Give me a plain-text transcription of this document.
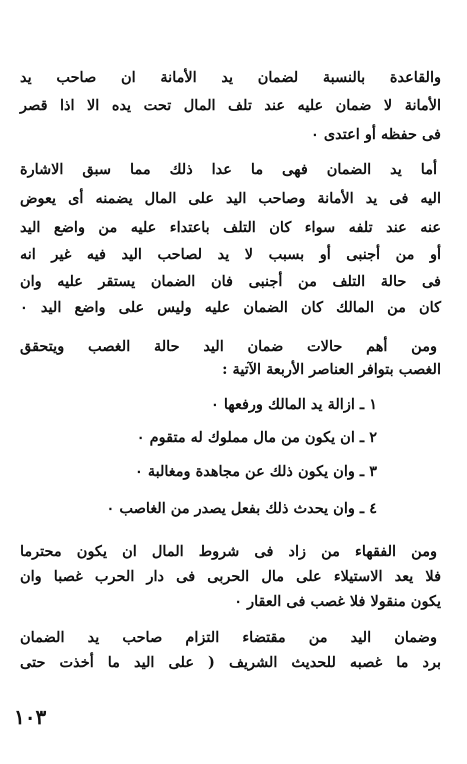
والقاعدة بالنسبة لضمان يد الأمانة ان صاحب يد
الأمانة لا ضمان عليه عند تلف المال تحت يده الا اذا قصر
فى حفظه أو اعتدى ٠
أما يد الضمان فهى ما عدا ذلك مما سبق الاشارة
اليه فى يد الأمانة وصاحب اليد على المال يضمنه أى يعوض
عنه عند تلفه سواء كان التلف باعتداء عليه من واضع اليد
أو من أجنبى أو بسبب لا يد لصاحب اليد فيه غير انه
فى حالة التلف من أجنبى فان الضمان يستقر عليه وان
كان من المالك كان الضمان عليه وليس على واضع اليد ٠
ومن أهم حالات ضمان اليد حالة الغصب ويتحقق
الغصب بتوافر العناصر الأربعة الآتية :
١ ـ ازالة يد المالك ورفعها ٠
٢ ـ ان يكون من مال مملوك له متقوم ٠
٣ ـ وان يكون ذلك عن مجاهدة ومغالبة ٠
٤ ـ وان يحدث ذلك بفعل يصدر من الغاصب ٠
ومن الفقهاء من زاد فى شروط المال ان يكون محترما
فلا يعد الاستيلاء على مال الحربى فى دار الحرب غصبا وان
يكون منقولا فلا غصب فى العقار ٠
وضمان اليد من مقتضاء التزام صاحب يد الضمان
برد ما غصبه للحديث الشريف ( على اليد ما أخذت حتى
١٠٣
